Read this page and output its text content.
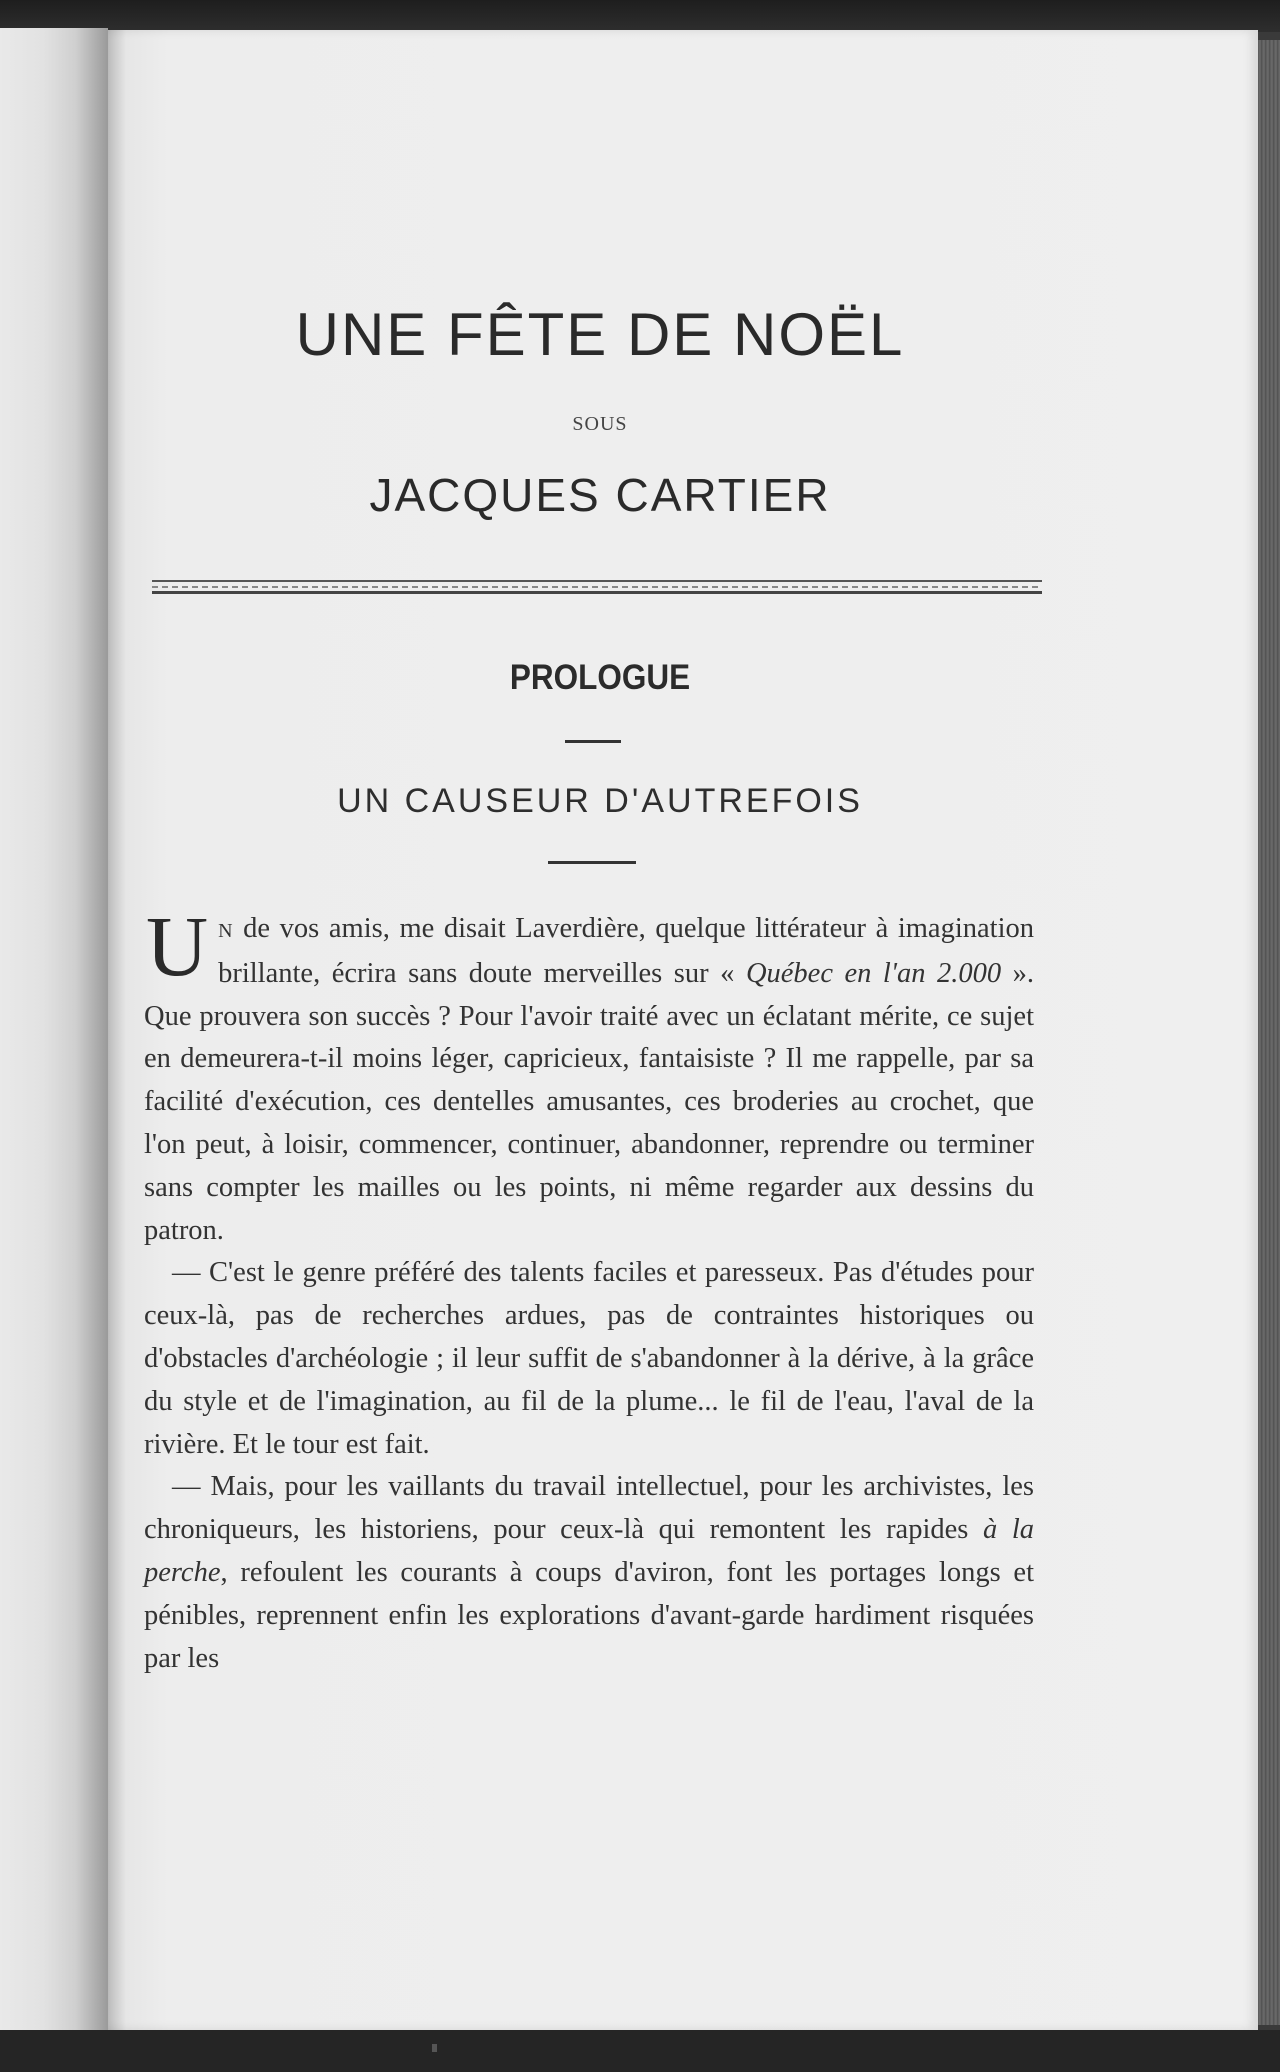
UNE FÊTE DE NOËL
SOUS
JACQUES CARTIER
PROLOGUE
UN CAUSEUR D'AUTREFOIS

U N de vos amis, me disait Laverdière, quelque littérateur à imagination brillante, écrira sans doute merveilles sur « Québec en l'an 2.000 ». Que prouvera son succès ? Pour l'avoir traité avec un éclatant mérite, ce sujet en demeurera-t-il moins léger, capricieux, fantaisiste ? Il me rappelle, par sa facilité d'exécution, ces dentelles amusantes, ces broderies au crochet, que l'on peut, à loisir, commencer, continuer, abandonner, reprendre ou terminer sans compter les mailles ou les points, ni même regarder aux dessins du patron.

— C'est le genre préféré des talents faciles et paresseux. Pas d'études pour ceux-là, pas de recherches ardues, pas de contraintes historiques ou d'obstacles d'archéologie ; il leur suffit de s'abandonner à la dérive, à la grâce du style et de l'imagination, au fil de la plume... le fil de l'eau, l'aval de la rivière. Et le tour est fait.

— Mais, pour les vaillants du travail intellectuel, pour les archivistes, les chroniqueurs, les historiens, pour ceux-là qui remontent les rapides à la perche, refoulent les courants à coups d'aviron, font les portages longs et pénibles, reprennent enfin les explorations d'avant-garde hardiment risquées par les
